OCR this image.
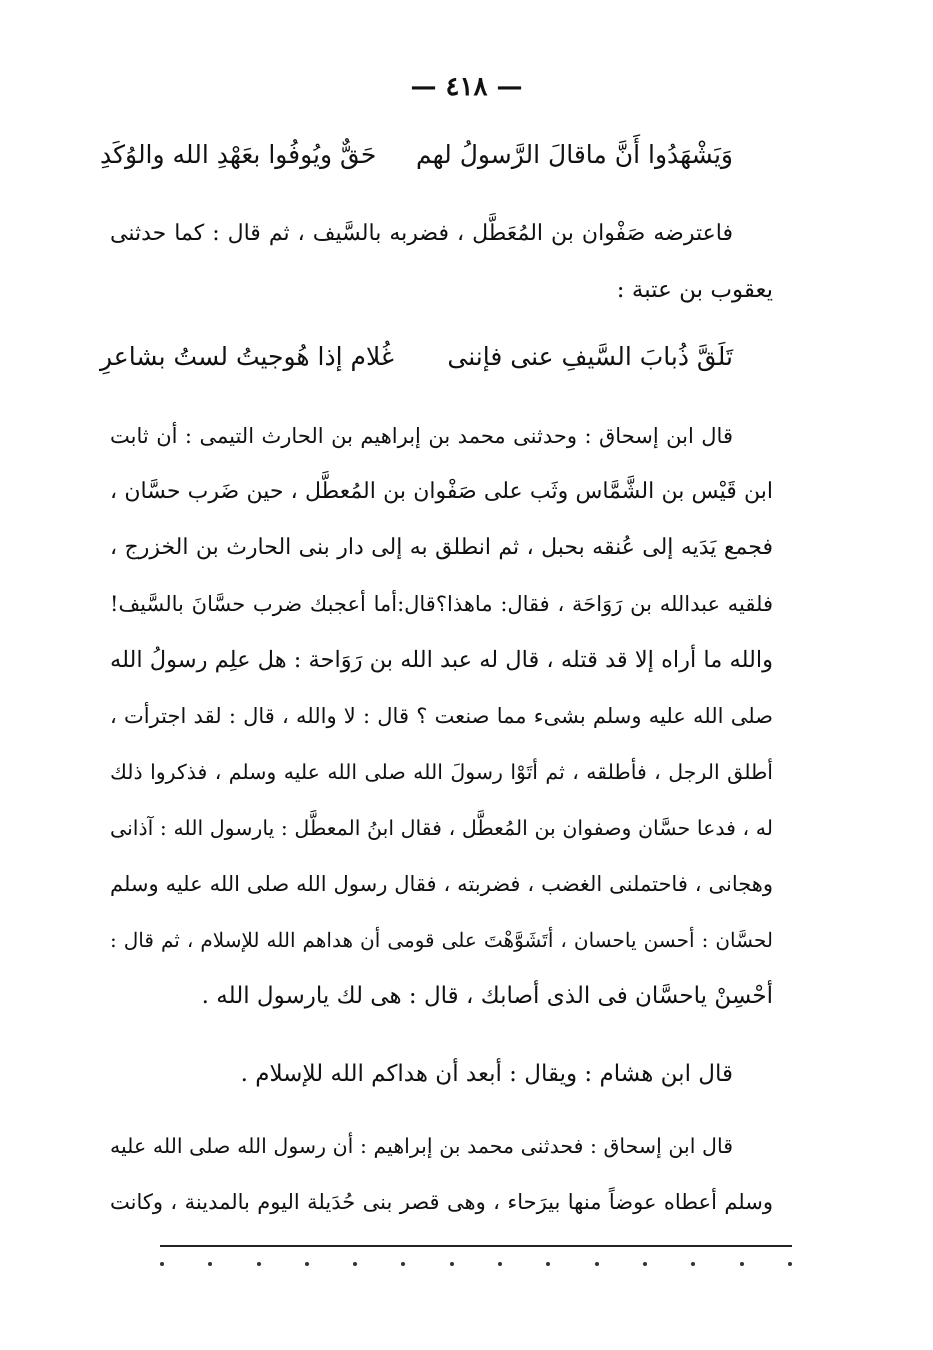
— ٤١٨ —
وَيَشْهَدُوا أَنَّ ماقالَ الرَّسولُ لهم
حَقٌّ ويُوفُوا بعَهْدِ الله والوُكَدِ
فاعترضه صَفْوان بن المُعَطَّل ، فضربه بالسَّيف ، ثم قال : كما حدثنى
يعقوب بن عتبة :
تَلَقَّ ذُبابَ السَّيفِ عنى فإننى
غُلام إذا هُوجيتُ لستُ بشاعرِ
قال ابن إسحاق : وحدثنى محمد بن إبراهيم بن الحارث التيمى : أن ثابت
ابن قَيْس بن الشَّمَّاس وثَب على صَفْوان بن المُعطَّل ، حين ضَرب حسَّان ،
فجمع يَدَيه إلى عُنقه بحبل ، ثم انطلق به إلى دار بنى الحارث بن الخزرج ،
فلقيه عبدالله بن رَوَاحَة ، فقال: ماهذا؟قال:أما أعجبك ضرب حسَّانَ بالسَّيف!
والله ما أراه إلا قد قتله ، قال له عبد الله بن رَوَاحة : هل علِم رسولُ الله
صلى الله عليه وسلم بشىء مما صنعت ؟ قال : لا والله ، قال : لقد اجترأت ،
أطلق الرجل ، فأطلقه ، ثم أتَوْا رسولَ الله صلى الله عليه وسلم ، فذكروا ذلك
له ، فدعا حسَّان وصفوان بن المُعطَّل ، فقال ابنُ المعطَّل : يارسول الله : آذانى
وهجانى ، فاحتملنى الغضب ، فضربته ، فقال رسول الله صلى الله عليه وسلم
لحسَّان : أحسن ياحسان ، أتَشَوَّهْتَ على قومى أن هداهم الله للإسلام ، ثم قال :
أحْسِنْ ياحسَّان فى الذى أصابك ، قال : هى لك يارسول الله .
قال ابن هشام : ويقال : أبعد أن هداكم الله للإسلام .
قال ابن إسحاق : فحدثنى محمد بن إبراهيم : أن رسول الله صلى الله عليه
وسلم أعطاه عوضاً منها بيرَحاء ، وهى قصر بنى حُدَيلة اليوم بالمدينة ، وكانت
